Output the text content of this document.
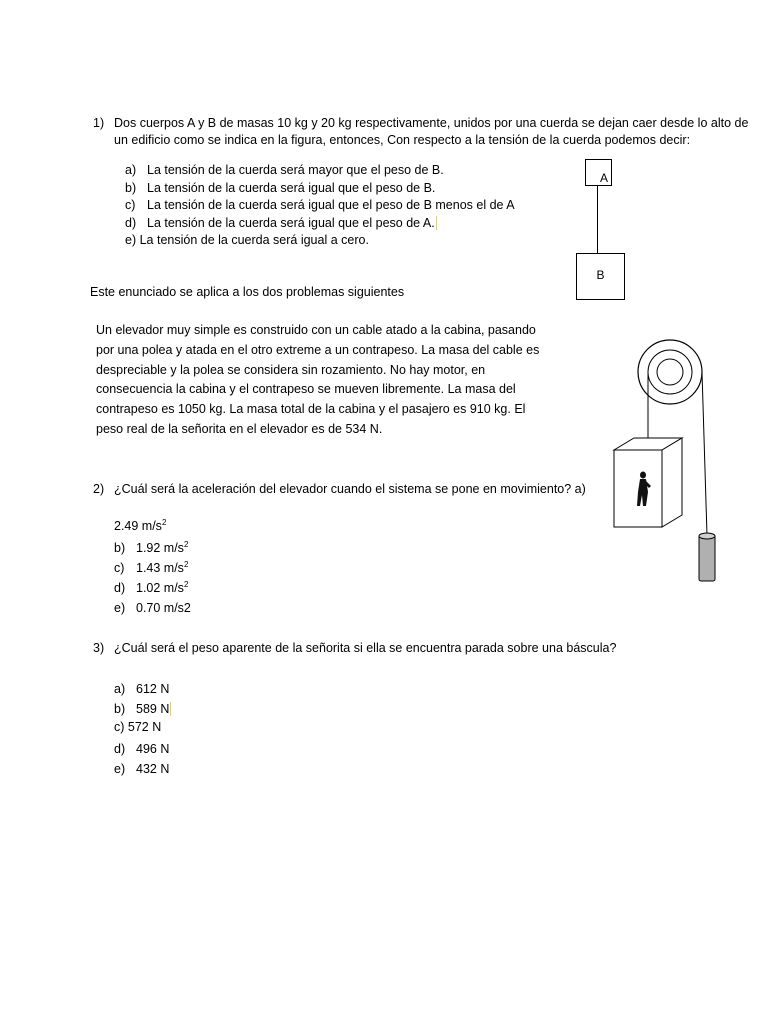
1) Dos cuerpos A y B de masas 10 kg y 20 kg respectivamente, unidos por una cuerda se dejan caer desde lo alto de
un edificio como se indica en la figura, entonces, Con respecto a la tensión de la cuerda podemos decir:
a) La tensión de la cuerda será mayor que el peso de B.
b) La tensión de la cuerda será igual que el peso de B.
c) La tensión de la cuerda será igual que el peso de B menos el de A
d) La tensión de la cuerda será igual que el peso de A.
e) La tensión de la cuerda será igual a cero.
A
B
Este enunciado se aplica a los dos problemas siguientes
Un elevador muy simple es construido con un cable atado a la cabina, pasando por una polea y atada en el otro extreme a un contrapeso. La masa del cable es despreciable y la polea se considera sin rozamiento. No hay motor, en consecuencia la cabina y el contrapeso se mueven libremente. La masa del contrapeso es 1050 kg. La masa total de la cabina y el pasajero es 910 kg. El peso real de la señorita en el elevador es de 534 N.
2) ¿Cuál será la aceleración del elevador cuando el sistema se pone en movimiento? a)
2.49 $m/s^2$
b) 1.92 $m/s^2$
c) 1.43 $m/s^2$
d) 1.02 $m/s^2$
e) 0.70 m/s2
3) ¿Cuál será el peso aparente de la señorita si ella se encuentra parada sobre una báscula?
a) 612 N
b) 589 N
c) 572 N
d) 496 N
e) 432 N
